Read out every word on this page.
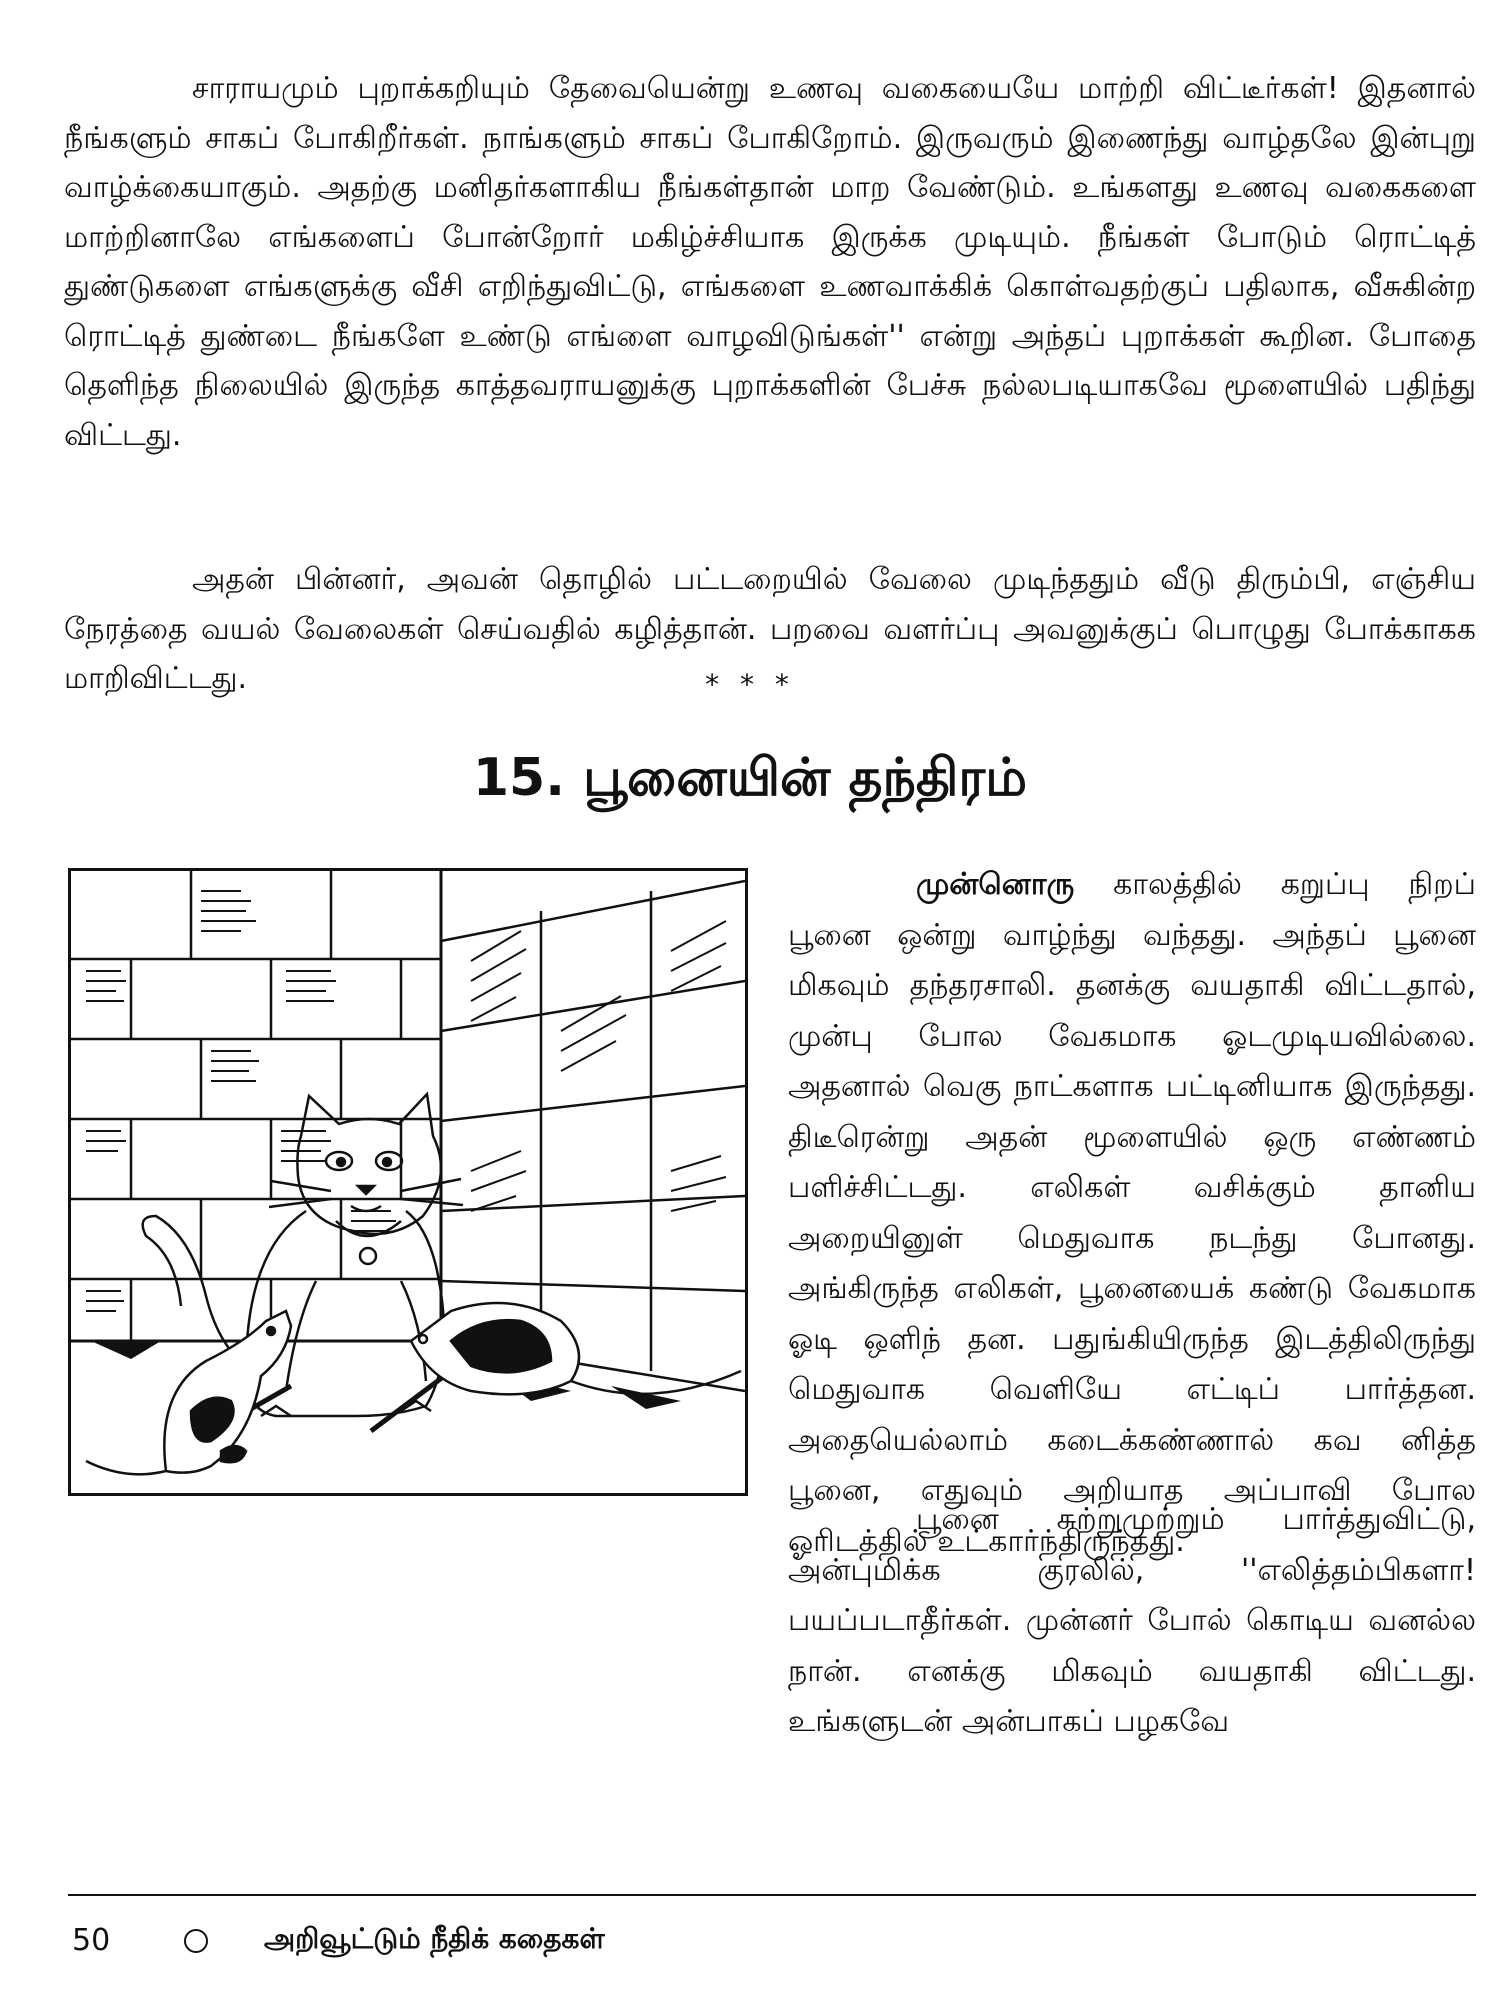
சாராயமும் புறாக்கறியும் தேவையென்று உணவு வகையையே மாற்றி விட்டீர்கள்! இதனால் நீங்களும் சாகப் போகிறீர்கள். நாங்களும் சாகப் போகிறோம். இருவரும் இணைந்து வாழ்தலே இன்புறு வாழ்க்கையாகும். அதற்கு மனிதர்களாகிய நீங்கள்தான் மாற வேண்டும். உங்களது உணவு வகைகளை மாற்றினாலே எங்களைப் போன்றோர் மகிழ்ச்சியாக இருக்க முடியும். நீங்கள் போடும் ரொட்டித் துண்டுகளை எங்களுக்கு வீசி எறிந்துவிட்டு, எங்களை உணவாக்கிக் கொள்வதற்குப் பதிலாக, வீசுகின்ற ரொட்டித் துண்டை நீங்களே உண்டு எங்ளை வாழவிடுங்கள்'' என்று அந்தப் புறாக்கள் கூறின. போதை தெளிந்த நிலையில் இருந்த காத்தவராயனுக்கு புறாக்களின் பேச்சு நல்லபடியாகவே மூளையில் பதிந்து விட்டது.

அதன் பின்னர், அவன் தொழில் பட்டறையில் வேலை முடிந்ததும் வீடு திரும்பி, எஞ்சிய நேரத்தை வயல் வேலைகள் செய்வதில் கழித்தான். பறவை வளர்ப்பு அவனுக்குப் பொழுது போக்காகக மாறிவிட்டது.	* * *
15. பூனையின் தந்திரம்

முன்னொரு காலத்தில் கறுப்பு நிறப் பூனை ஒன்று வாழ்ந்து வந்தது. அந்தப் பூனை மிகவும் தந்தரசாலி. தனக்கு வயதாகி விட்டதால், முன்பு போல வேகமாக ஓடமுடியவில்லை. அதனால் வெகு நாட்களாக பட்டினியாக இருந்தது. திடீரென்று அதன் மூளையில் ஒரு எண்ணம் பளிச்சிட்டது. எலிகள் வசிக்கும் தானிய அறையினுள் மெதுவாக நடந்து போனது. அங்கிருந்த எலிகள், பூனையைக் கண்டு வேகமாக ஓடி ஒளிந் தன. பதுங்கியிருந்த இடத்திலிருந்து மெதுவாக வெளியே எட்டிப் பார்த்தன. அதையெல்லாம் கடைக்கண்ணால் கவ னித்த பூனை, எதுவும் அறியாத அப்பாவி போல ஓரிடத்தில் உட்கார்ந்திருந்தது.

பூனை சுற்றுமுற்றும் பார்த்துவிட்டு, அன்புமிக்க குரலில், ''எலித்தம்பிகளா! பயப்படாதீர்கள். முன்னர் போல் கொடிய வனல்ல நான். எனக்கு மிகவும் வயதாகி விட்டது. உங்களுடன் அன்பாகப் பழகவே

50	அறிவூட்டும் நீதிக் கதைகள்
